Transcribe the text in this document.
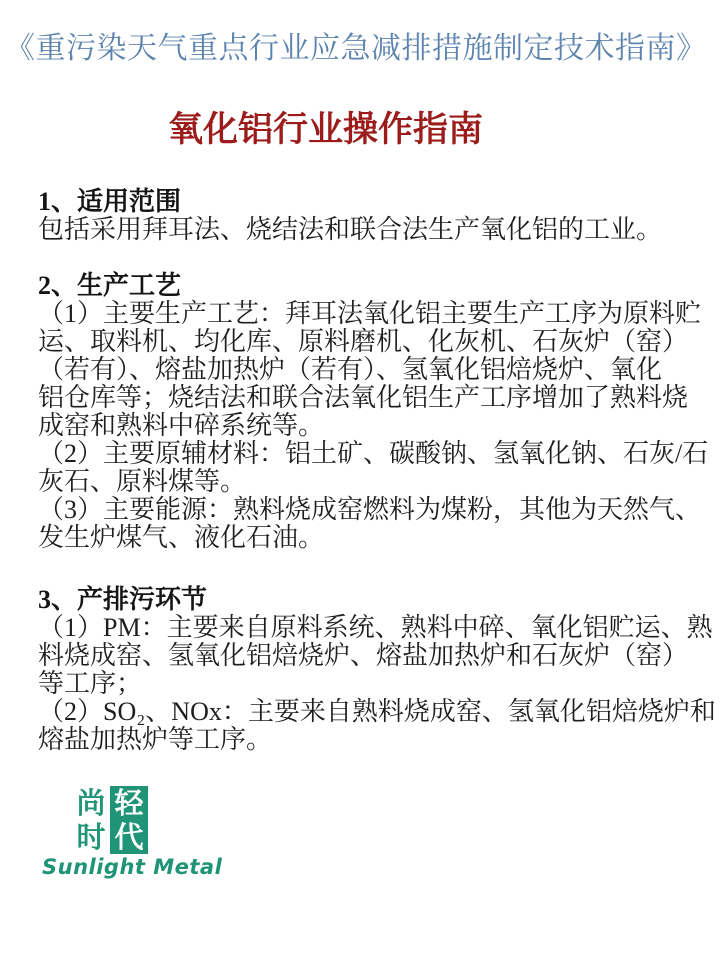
《重污染天气重点行业应急减排措施制定技术指南》
氧化铝行业操作指南
1、适用范围
包括采用拜耳法、烧结法和联合法生产氧化铝的工业。
2、生产工艺
（1）主要生产工艺：拜耳法氧化铝主要生产工序为原料贮
运、取料机、均化库、原料磨机、化灰机、石灰炉（窑）
（若有）、熔盐加热炉（若有）、氢氧化铝焙烧炉、氧化
铝仓库等；烧结法和联合法氧化铝生产工序增加了熟料烧
成窑和熟料中碎系统等。
（2）主要原辅材料：铝土矿、碳酸钠、氢氧化钠、石灰/石
灰石、原料煤等。
（3）主要能源：熟料烧成窑燃料为煤粉，其他为天然气、
发生炉煤气、液化石油。
3、产排污环节
（1）PM：主要来自原料系统、熟料中碎、氧化铝贮运、熟
料烧成窑、氢氧化铝焙烧炉、熔盐加热炉和石灰炉（窑）
等工序；
（2）SO₂、NOx：主要来自熟料烧成窑、氢氧化铝焙烧炉和
熔盐加热炉等工序。
尚 轻
时 代
Sunlight Metal
